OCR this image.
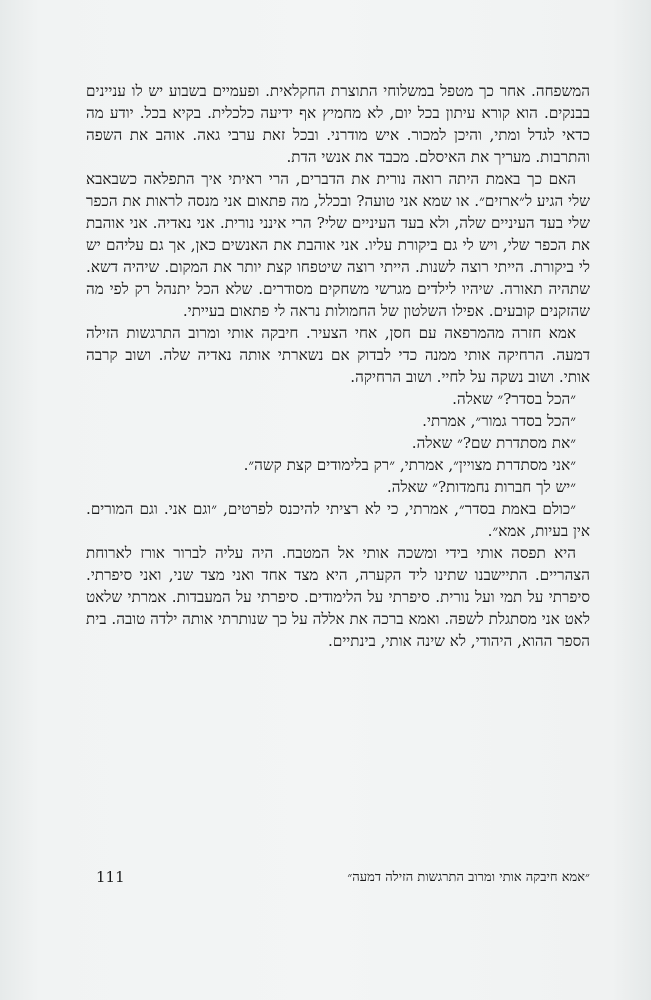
המשפחה. אחר כך מטפל במשלוחי התוצרת החקלאית. ופעמיים בשבוע יש לו עניינים בבנקים. הוא קורא עיתון בכל יום, לא מחמיץ אף ידיעה כלכלית. בקיא בכל. יודע מה כדאי לגדל ומתי, והיכן למכור. איש מודרני. ובכל זאת ערבי גאה. אוהב את השפה והתרבות. מעריך את האיסלם. מכבד את אנשי הדת.

האם כך באמת היתה רואה נורית את הדברים, הרי ראיתי איך התפלאה כשבאבא שלי הגיע ל״ארזים״. או שמא אני טועה? ובכלל, מה פתאום אני מנסה לראות את הכפר שלי בעד העיניים שלה, ולא בעד העיניים שלי? הרי אינני נורית. אני נאדיה. אני אוהבת את הכפר שלי, ויש לי גם ביקורת עליו. אני אוהבת את האנשים כאן, אך גם עליהם יש לי ביקורת. הייתי רוצה לשנות. הייתי רוצה שיטפחו קצת יותר את המקום. שיהיה דשא. שתהיה תאורה. שיהיו לילדים מגרשי משחקים מסודרים. שלא הכל יתנהל רק לפי מה שהזקנים קובעים. אפילו השלטון של החמולות נראה לי פתאום בעייתי.

אמא חזרה מהמרפאה עם חסן, אחי הצעיר. חיבקה אותי ומרוב התרגשות הזילה דמעה. הרחיקה אותי ממנה כדי לבדוק אם נשארתי אותה נאדיה שלה. ושוב קרבה אותי. ושוב נשקה על לחיי. ושוב הרחיקה.

״הכל בסדר?״ שאלה.
״הכל בסדר גמור״, אמרתי.
״את מסתדרת שם?״ שאלה.
״אני מסתדרת מצויין״, אמרתי, ״רק בלימודים קצת קשה״.
״יש לך חברות נחמדות?״ שאלה.

״כולם באמת בסדר״, אמרתי, כי לא רציתי להיכנס לפרטים, ״וגם אני. וגם המורים. אין בעיות, אמא״.

היא תפסה אותי בידי ומשכה אותי אל המטבח. היה עליה לברור אורז לארוחת הצהריים. התיישבנו שתינו ליד הקערה, היא מצד אחד ואני מצד שני, ואני סיפרתי. סיפרתי על תמי ועל נורית. סיפרתי על הלימודים. סיפרתי על המעבדות. אמרתי שלאט לאט אני מסתגלת לשפה. ואמא ברכה את אללה על כך שנותרתי אותה ילדה טובה. בית הספר ההוא, היהודי, לא שינה אותי, בינתיים.

111	״אמא חיבקה אותי ומרוב התרגשות הזילה דמעה״
